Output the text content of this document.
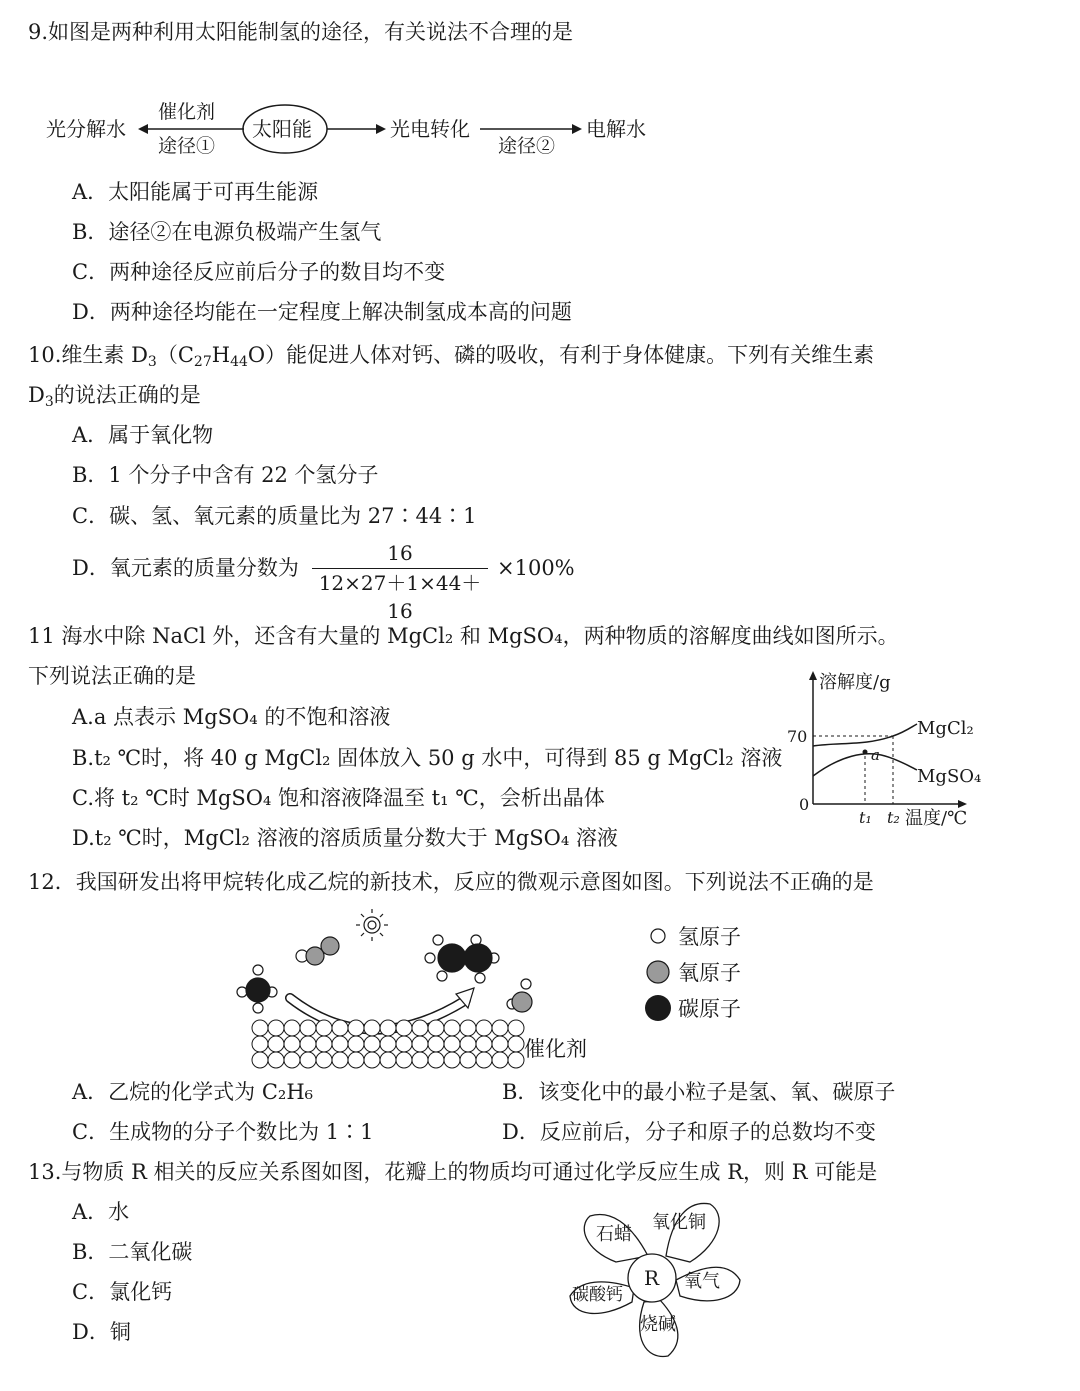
9.如图是两种利用太阳能制氢的途径，有关说法不合理的是
光分解水
催化剂
途径①
太阳能	光电转化
途径②
电解水
A．太阳能属于可再生能源
B．途径②在电源负极端产生氢气
C．两种途径反应前后分子的数目均不变
D．两种途径均能在一定程度上解决制氢成本高的问题
10.维生素 $D_3(C_{27}H_{44}O)$能促进人体对钙、磷的吸收，有利于身体健康。下列有关维生素
$D_3$的说法正确的是
A．属于氧化物
B．1 个分子中含有 22 个氢分子
C．碳、氢、氧元素的质量比为 27∶44∶1
D．氧元素的质量分数为 $\frac{16}{12\times 27+1\times 44+16} \times 100\%$
11 海水中除 NaCl 外，还含有大量的 MgCl₂ 和 MgSO₄，两种物质的溶解度曲线如图所示。
下列说法正确的是
A.a 点表示 MgSO₄ 的不饱和溶液
B.t₂ ℃时，将 40 g MgCl₂ 固体放入 50 g 水中，可得到 85 g MgCl₂ 溶液
C.将 t₂ ℃时 MgSO₄ 饱和溶液降温至 t₁ ℃，会析出晶体
D.t₂ ℃时，MgCl₂ 溶液的溶质质量分数大于 MgSO₄ 溶液
溶解度/g
70
0
a
MgCl₂
MgSO₄
t₁ t₂ 温度/℃
12．我国研发出将甲烷转化成乙烷的新技术，反应的微观示意图如图。下列说法不正确的是
催化剂
氢原子
氧原子
碳原子
A．乙烷的化学式为 C₂H₆	B．该变化中的最小粒子是氢、氧、碳原子
C．生成物的分子个数比为 1∶1	D．反应前后，分子和原子的总数均不变
13.与物质 R 相关的反应关系图如图，花瓣上的物质均可通过化学反应生成 R，则 R 可能是
A．水
B．二氧化碳
C．氯化钙
D．铜
R
石蜡
氧化铜
氧气
烧碱
碳酸钙
